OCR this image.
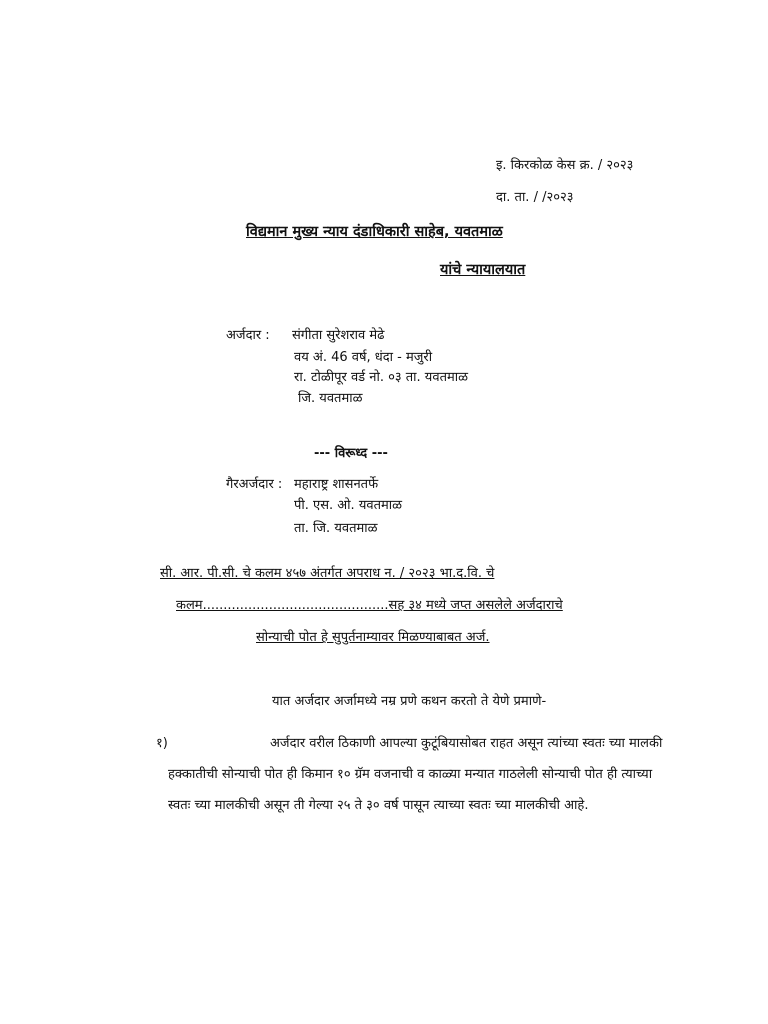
इ. किरकोळ केस क्र. / २०२३
दा. ता. / /२०२३
विद्यमान मुख्य न्याय दंडाधिकारी साहेब, यवतमाळ
यांचे न्यायालयात
अर्जदार : संगीता सुरेशराव मेढे
वय अं. 46 वर्ष, धंदा - मजुरी
रा. टोळीपूर वर्ड नो. ०३ ता. यवतमाळ
जि. यवतमाळ
--- विरूध्द ---
गैरअर्जदार : महाराष्ट्र शासनतर्फे
पी. एस. ओ. यवतमाळ
ता. जि. यवतमाळ
सी. आर. पी.सी. चे कलम ४५७ अंतर्गत अपराध न. / २०२३ भा.द.वि. चे
कलम.............................................सह ३४ मध्ये जप्त असलेले अर्जदाराचे
सोन्याची पोत हे सुपुर्तनाम्यावर मिळण्याबाबत अर्ज.
यात अर्जदार अर्जामध्ये नम्र प्रणे कथन करतो ते येणे प्रमाणे-
१)	अर्जदार वरील ठिकाणी आपल्या कुटूंबियासोबत राहत असून त्यांच्या स्वतः च्या मालकी
हक्कातीची सोन्याची पोत ही किमान १० ग्रॅम वजनाची व काळ्या मन्यात गाठलेली सोन्याची पोत ही त्याच्या
स्वतः च्या मालकीची असून ती गेल्या २५ ते ३० वर्ष पासून त्याच्या स्वतः च्या मालकीची आहे.
